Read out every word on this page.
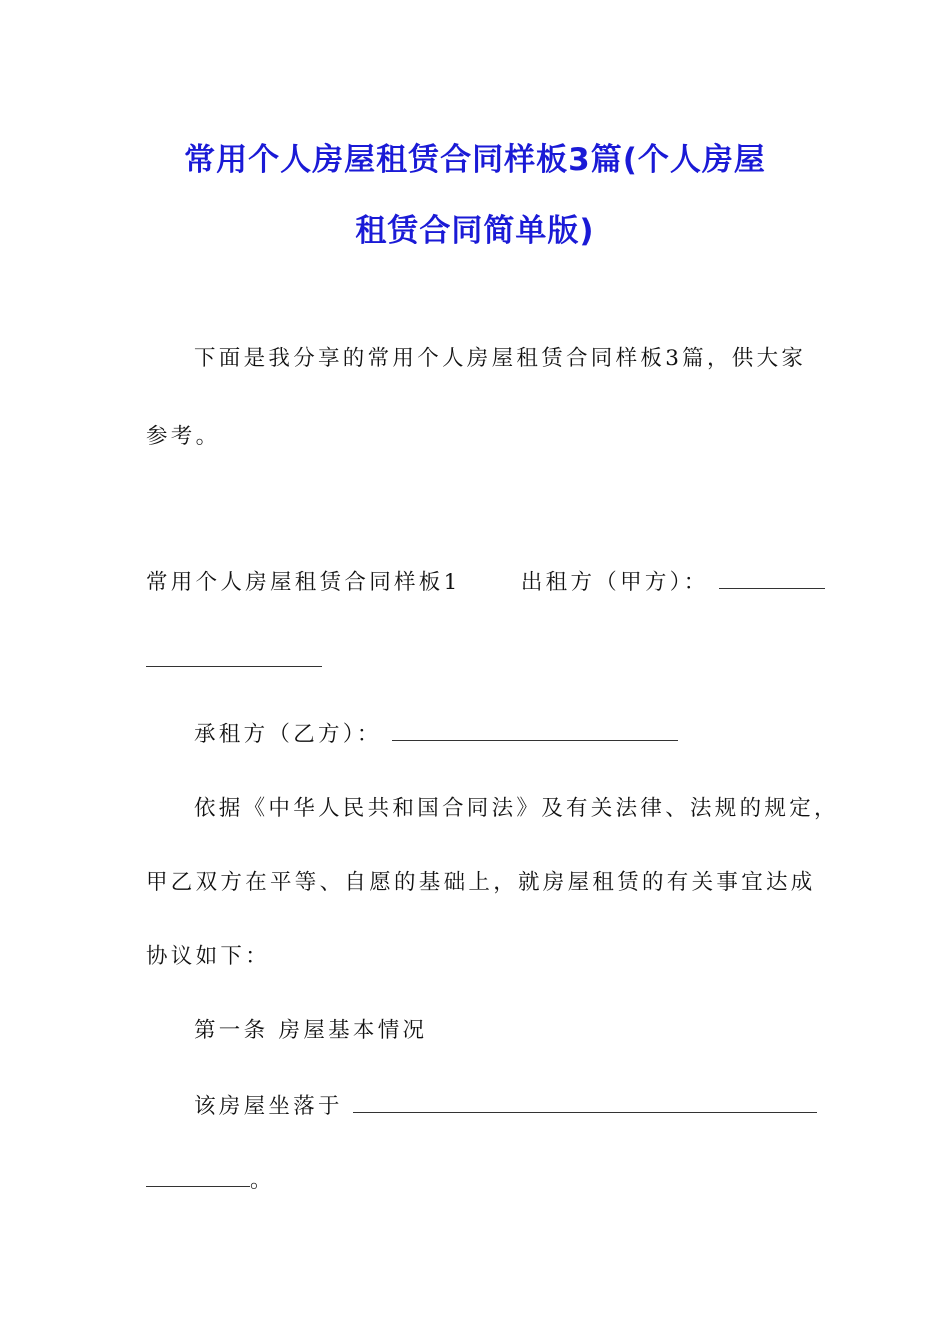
常用个人房屋租赁合同样板3篇(个人房屋
租赁合同简单版)
下面是我分享的常用个人房屋租赁合同样板3篇，供大家
参考。
常用个人房屋租赁合同样板1	出租方（甲方）：
承租方（乙方）：
依据《中华人民共和国合同法》及有关法律、法规的规定，
甲乙双方在平等、自愿的基础上，就房屋租赁的有关事宜达成
协议如下：
第一条 房屋基本情况
该房屋坐落于
。
